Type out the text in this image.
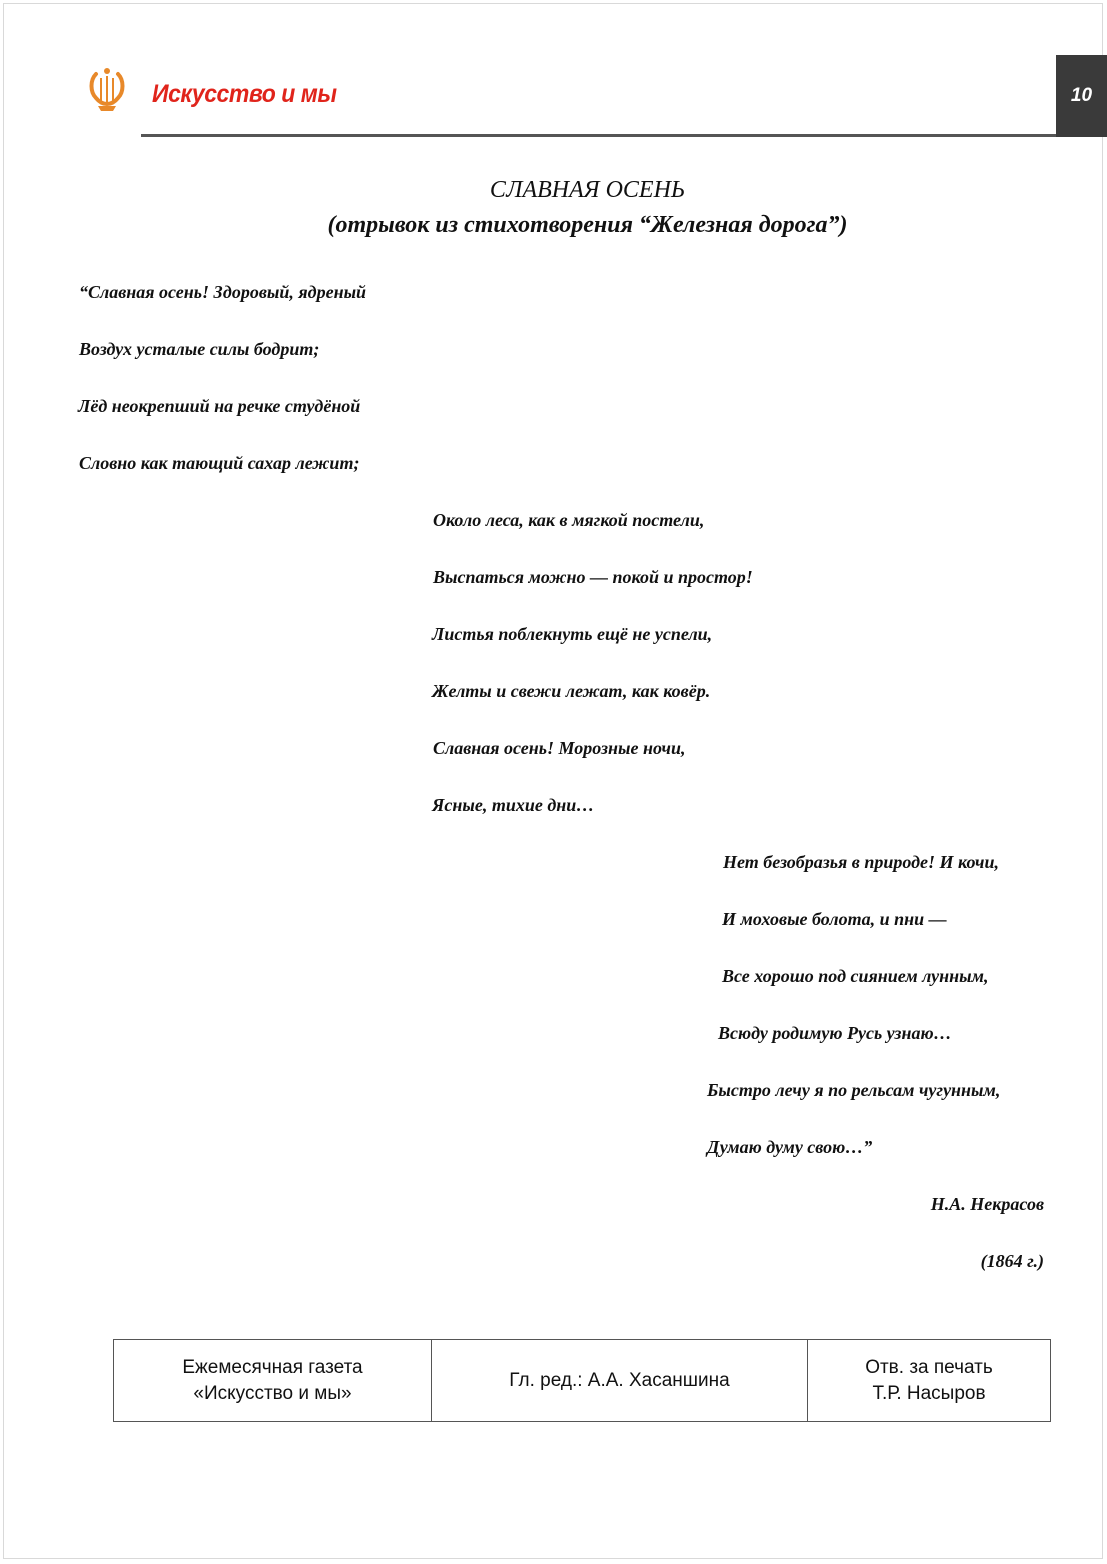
Искусство и мы	10
СЛАВНАЯ ОСЕНЬ
(отрывок из стихотворения “Железная дорога”)
“Славная осень! Здоровый, ядреный
Воздух усталые силы бодрит;
Лёд неокрепший на речке студёной
Словно как тающий сахар лежит;
Около леса, как в мягкой постели,
Выспаться можно — покой и простор!
Листья поблекнуть ещё не успели,
Желты и свежи лежат, как ковёр.
Славная осень! Морозные ночи,
Ясные, тихие дни…
Нет безобразья в природе! И кочи,
И моховые болота, и пни —
Все хорошо под сиянием лунным,
Всюду родимую Русь узнаю…
Быстро лечу я по рельсам чугунным,
Думаю думу свою…”
Н.А. Некрасов
(1864 г.)
Ежемесячная газета
«Искусство и мы»

Гл. ред.: А.А. Хасаншина

Отв. за печать
Т.Р. Насыров
